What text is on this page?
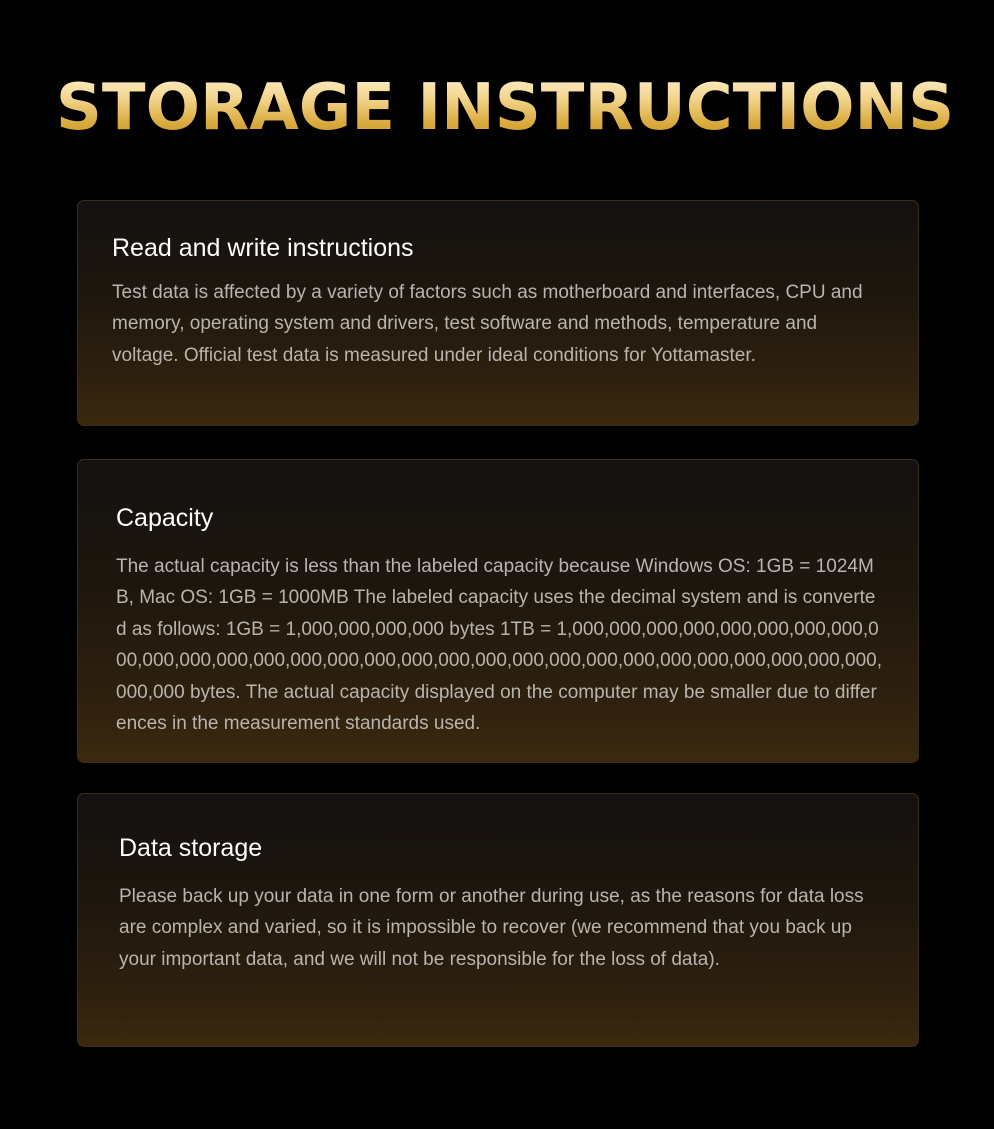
STORAGE INSTRUCTIONS
Read and write instructions

Test data is affected by a variety of factors such as motherboard and interfaces, CPU and memory, operating system and drivers, test software and methods, temperature and voltage. Official test data is measured under ideal conditions for Yottamaster.

Capacity

The actual capacity is less than the labeled capacity because Windows OS: 1GB = 1024MB, Mac OS: 1GB = 1000MB The labeled capacity uses the decimal system and is converted as follows: 1GB = 1,000,000,000,000 bytes 1TB = 1,000,000,000,000,000,000,000,000,000,000,000,000,000,000,000,000,000,000,000,000,000,000,000,000,000,000,000,000,000,000,000 bytes. The actual capacity displayed on the computer may be smaller due to differences in the measurement standards used.

Data storage

Please back up your data in one form or another during use, as the reasons for data loss are complex and varied, so it is impossible to recover (we recommend that you back up your important data, and we will not be responsible for the loss of data).
